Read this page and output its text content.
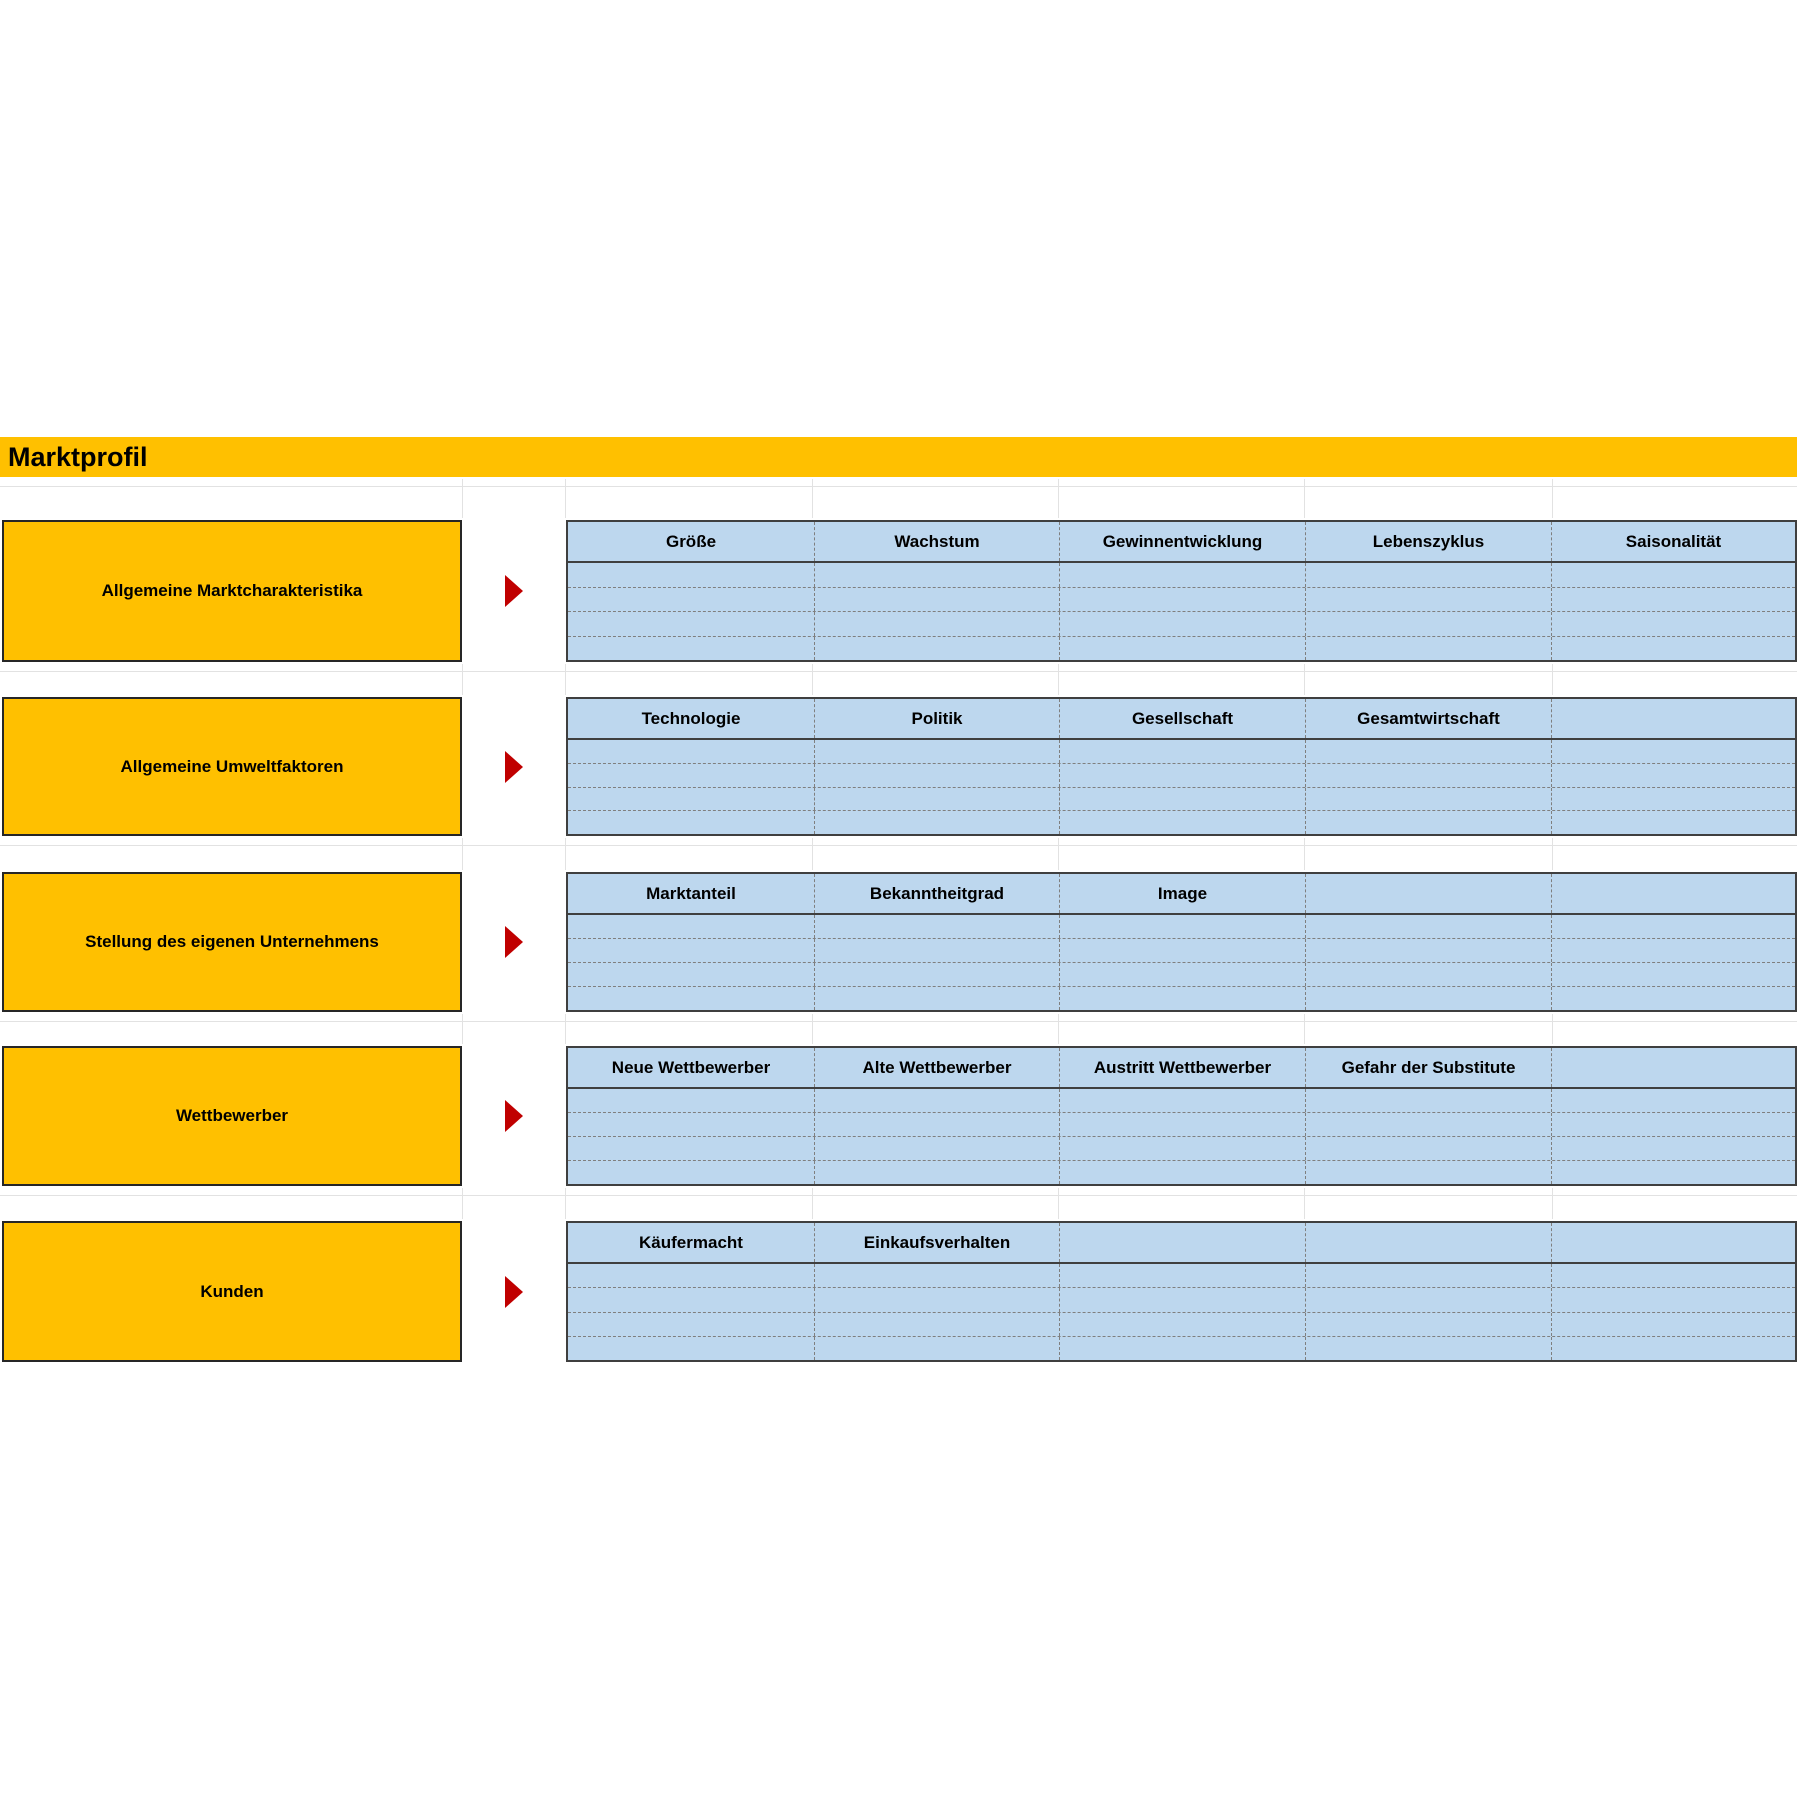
Marktprofil
Allgemeine Marktcharakteristika
Größe	Wachstum	Gewinnentwicklung	Lebenszyklus	Saisonalität
Allgemeine Umweltfaktoren
Technologie	Politik	Gesellschaft	Gesamtwirtschaft
Stellung des eigenen Unternehmens
Marktanteil	Bekanntheitgrad	Image
Wettbewerber
Neue Wettbewerber	Alte Wettbewerber	Austritt Wettbewerber	Gefahr der Substitute
Kunden
Käufermacht	Einkaufsverhalten
